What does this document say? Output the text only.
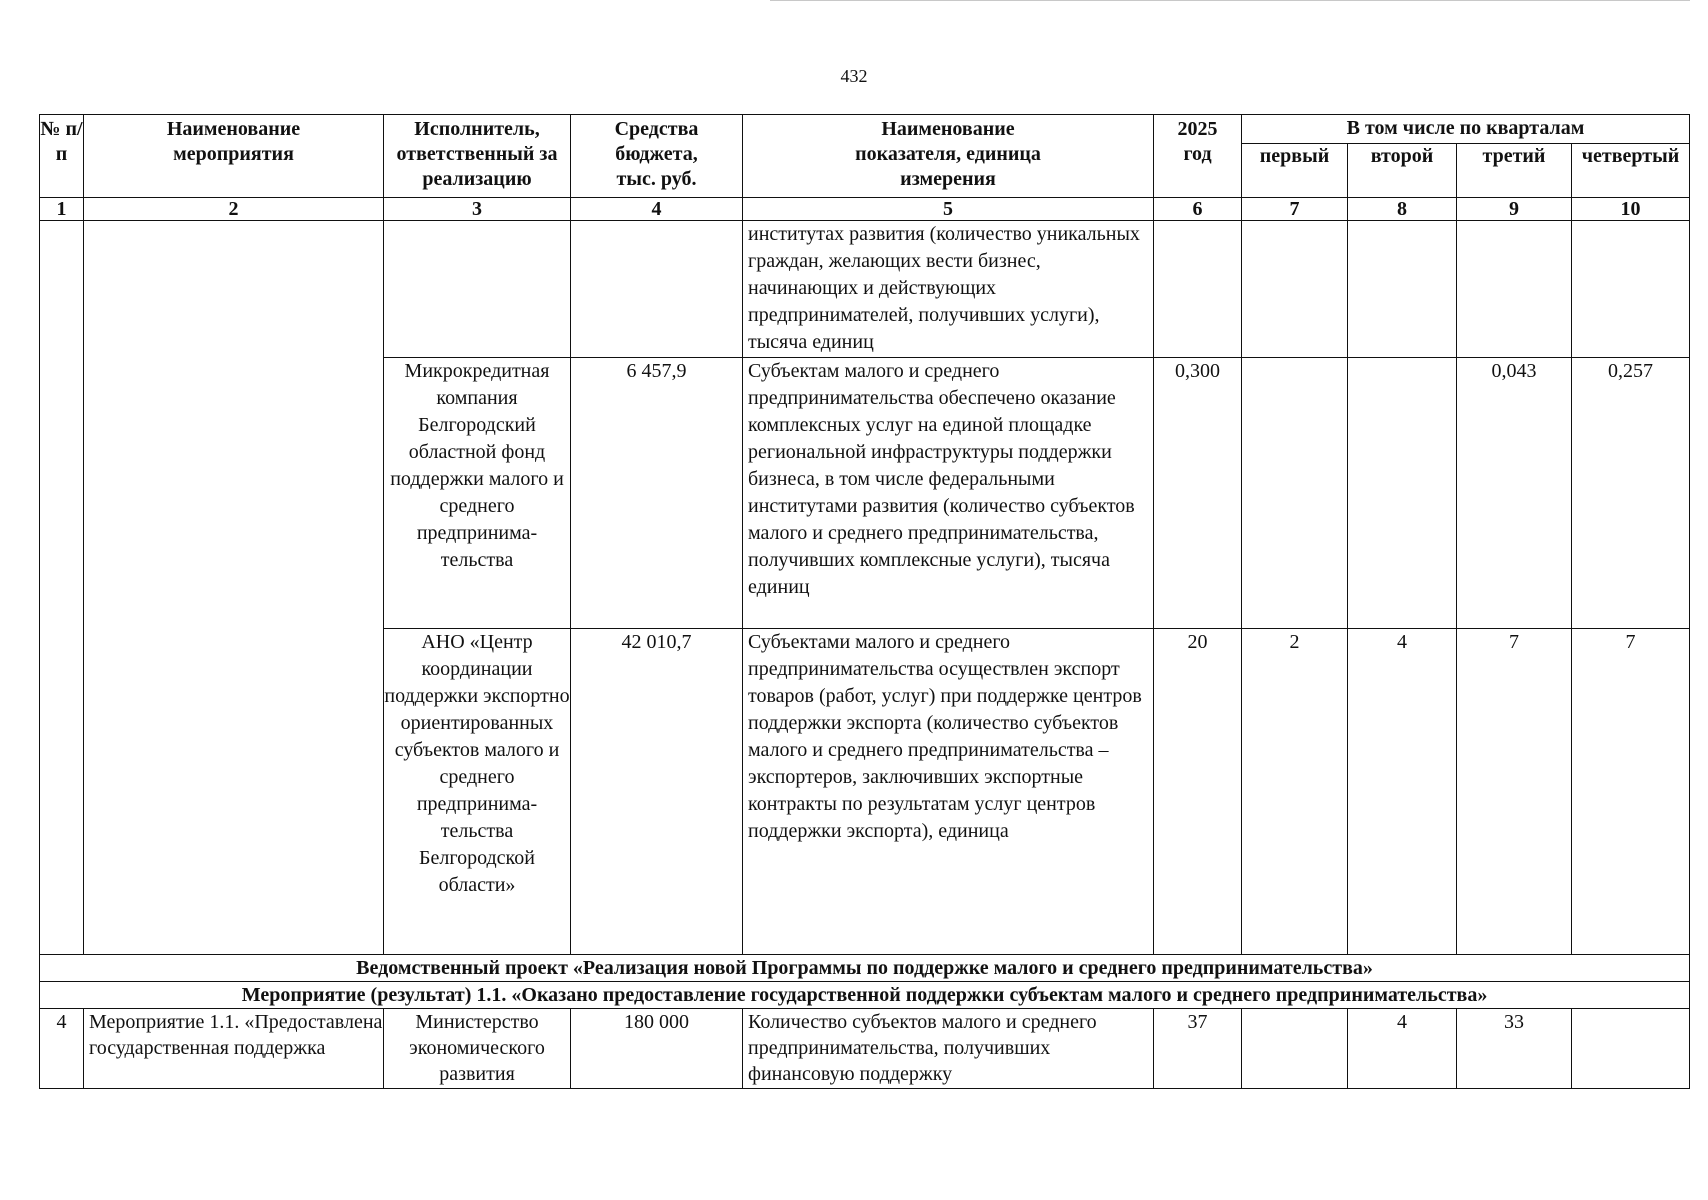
432
№ п/п	Наименование мероприятия	Исполнитель, ответственный за реализацию	Средства бюджета, тыс. руб.	Наименование показателя, единица измерения	2025 год	В том числе по кварталам			
						первый	второй	третий	четвертый
1	2	3	4	5	6	7	8	9	10
				институтах развития (количество уникальных граждан, желающих вести бизнес, начинающих и действующих предпринимателей, получивших услуги), тысяча единиц					
		Микрокредитная компания Белгородский областной фонд поддержки малого и среднего предпринима-тельства	6 457,9	Субъектам малого и среднего предпринимательства обеспечено оказание комплексных услуг на единой площадке региональной инфраструктуры поддержки бизнеса, в том числе федеральными институтами развития (количество субъектов малого и среднего предпринимательства, получивших комплексные услуги), тысяча единиц	0,300			0,043	0,257
		АНО «Центр координации поддержки экспортно ориентированных субъектов малого и среднего предпринима-тельства Белгородской области»	42 010,7	Субъектами малого и среднего предпринимательства осуществлен экспорт товаров (работ, услуг) при поддержке центров поддержки экспорта (количество субъектов малого и среднего предпринимательства – экспортеров, заключивших экспортные контракты по результатам услуг центров поддержки экспорта), единица	20	2	4	7	7
Ведомственный проект «Реализация новой Программы по поддержке малого и среднего предпринимательства»									
Мероприятие (результат) 1.1. «Оказано предоставление государственной поддержки субъектам малого и среднего предпринимательства»									
4	Мероприятие 1.1. «Предоставлена государственная поддержка	Министерство экономического развития	180 000	Количество субъектов малого и среднего предпринимательства, получивших финансовую поддержку	37		4	33	
